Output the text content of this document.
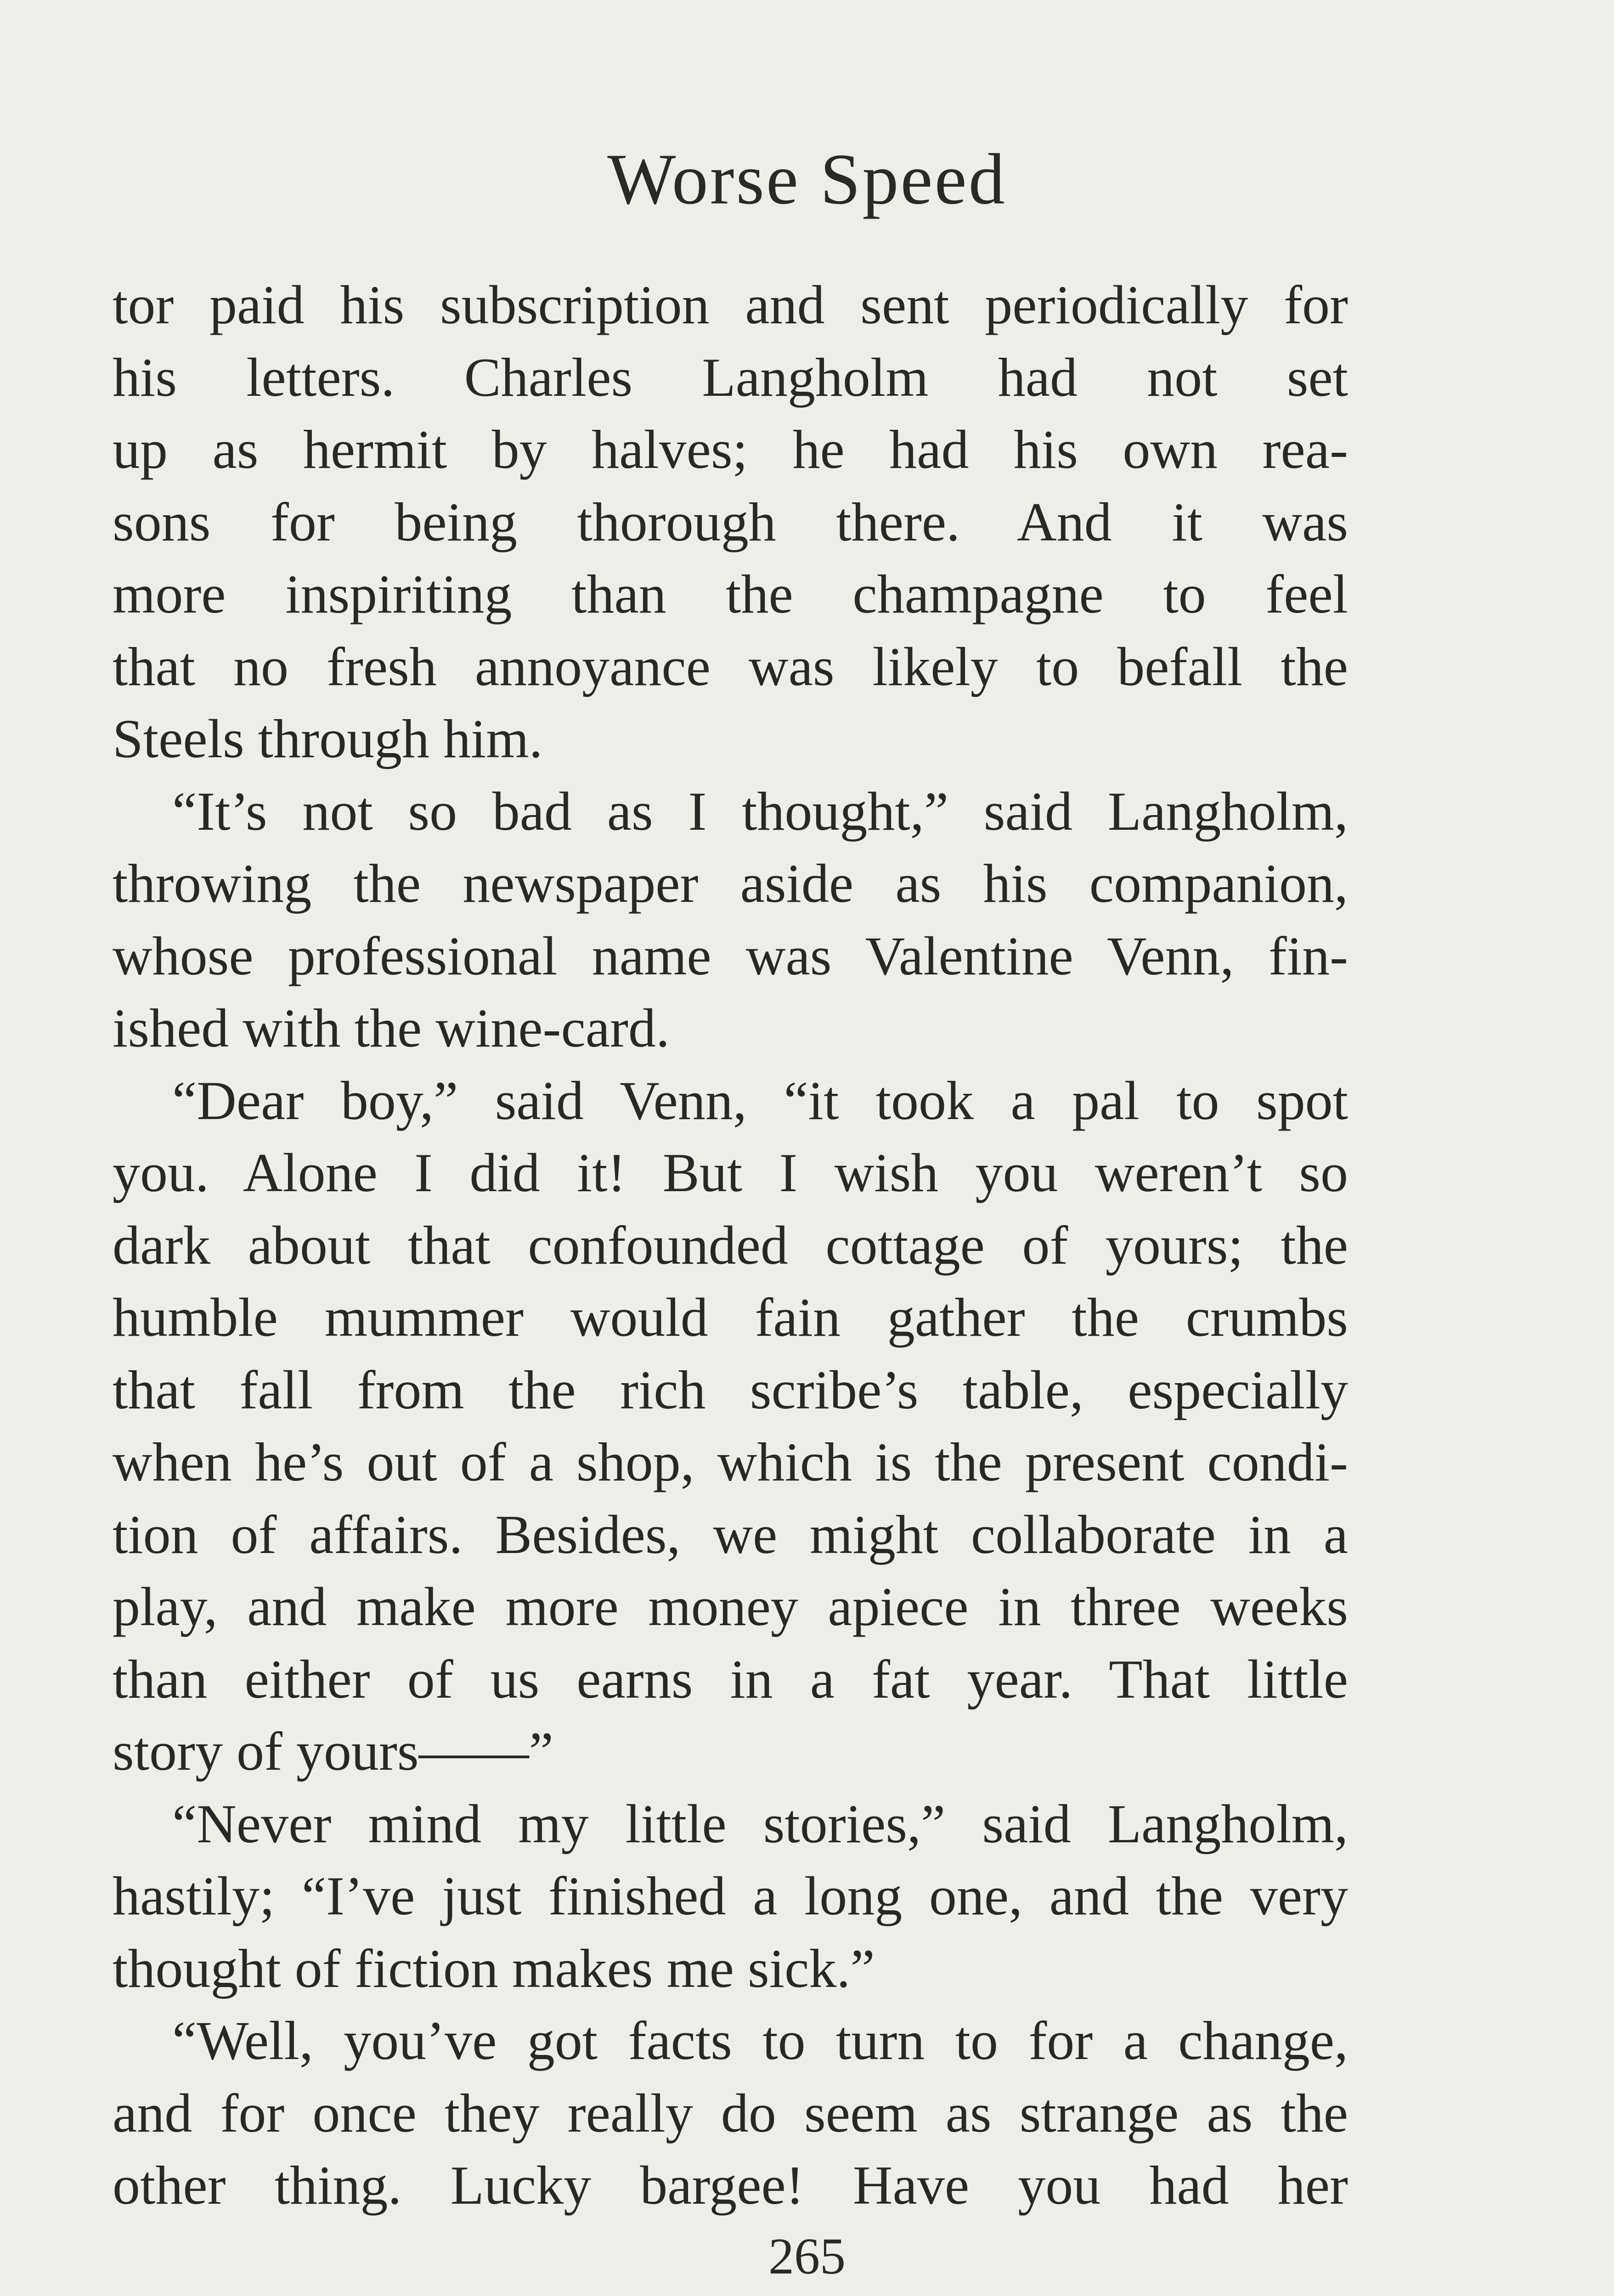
Worse Speed
tor paid his subscription and sent periodically for
his letters. Charles Langholm had not set
up as hermit by halves; he had his own rea-
sons for being thorough there. And it was
more inspiriting than the champagne to feel
that no fresh annoyance was likely to befall the
Steels through him.
“It’s not so bad as I thought,” said Langholm,
throwing the newspaper aside as his companion,
whose professional name was Valentine Venn, fin-
ished with the wine-card.
“Dear boy,” said Venn, “it took a pal to spot
you. Alone I did it! But I wish you weren’t so
dark about that confounded cottage of yours; the
humble mummer would fain gather the crumbs
that fall from the rich scribe’s table, especially
when he’s out of a shop, which is the present condi-
tion of affairs. Besides, we might collaborate in a
play, and make more money apiece in three weeks
than either of us earns in a fat year. That little
story of yours——”
“Never mind my little stories,” said Langholm,
hastily; “I’ve just finished a long one, and the very
thought of fiction makes me sick.”
“Well, you’ve got facts to turn to for a change,
and for once they really do seem as strange as the
other thing. Lucky bargee! Have you had her
265
